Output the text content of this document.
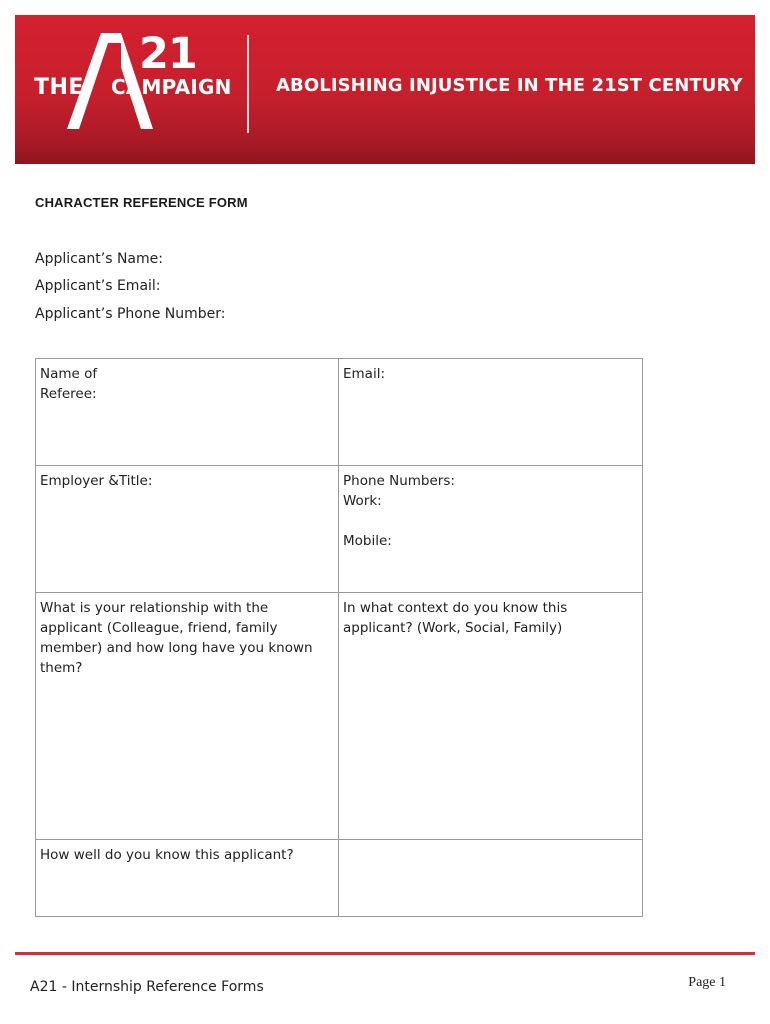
THE
21
CAMPAIGN ABOLISHING INJUSTICE IN THE 21ST CENTURY
CHARACTER REFERENCE FORM
Applicant’s Name:
Applicant’s Email:
Applicant’s Phone Number:
Name of
Referee:	Email:
Employer &Title:	Phone Numbers:
Work:
Mobile:
What is your relationship with the applicant (Colleague, friend, family member) and how long have you known them?	In what context do you know this applicant? (Work, Social, Family)
How well do you know this applicant?	
A21 - Internship Reference Forms	Page 1
